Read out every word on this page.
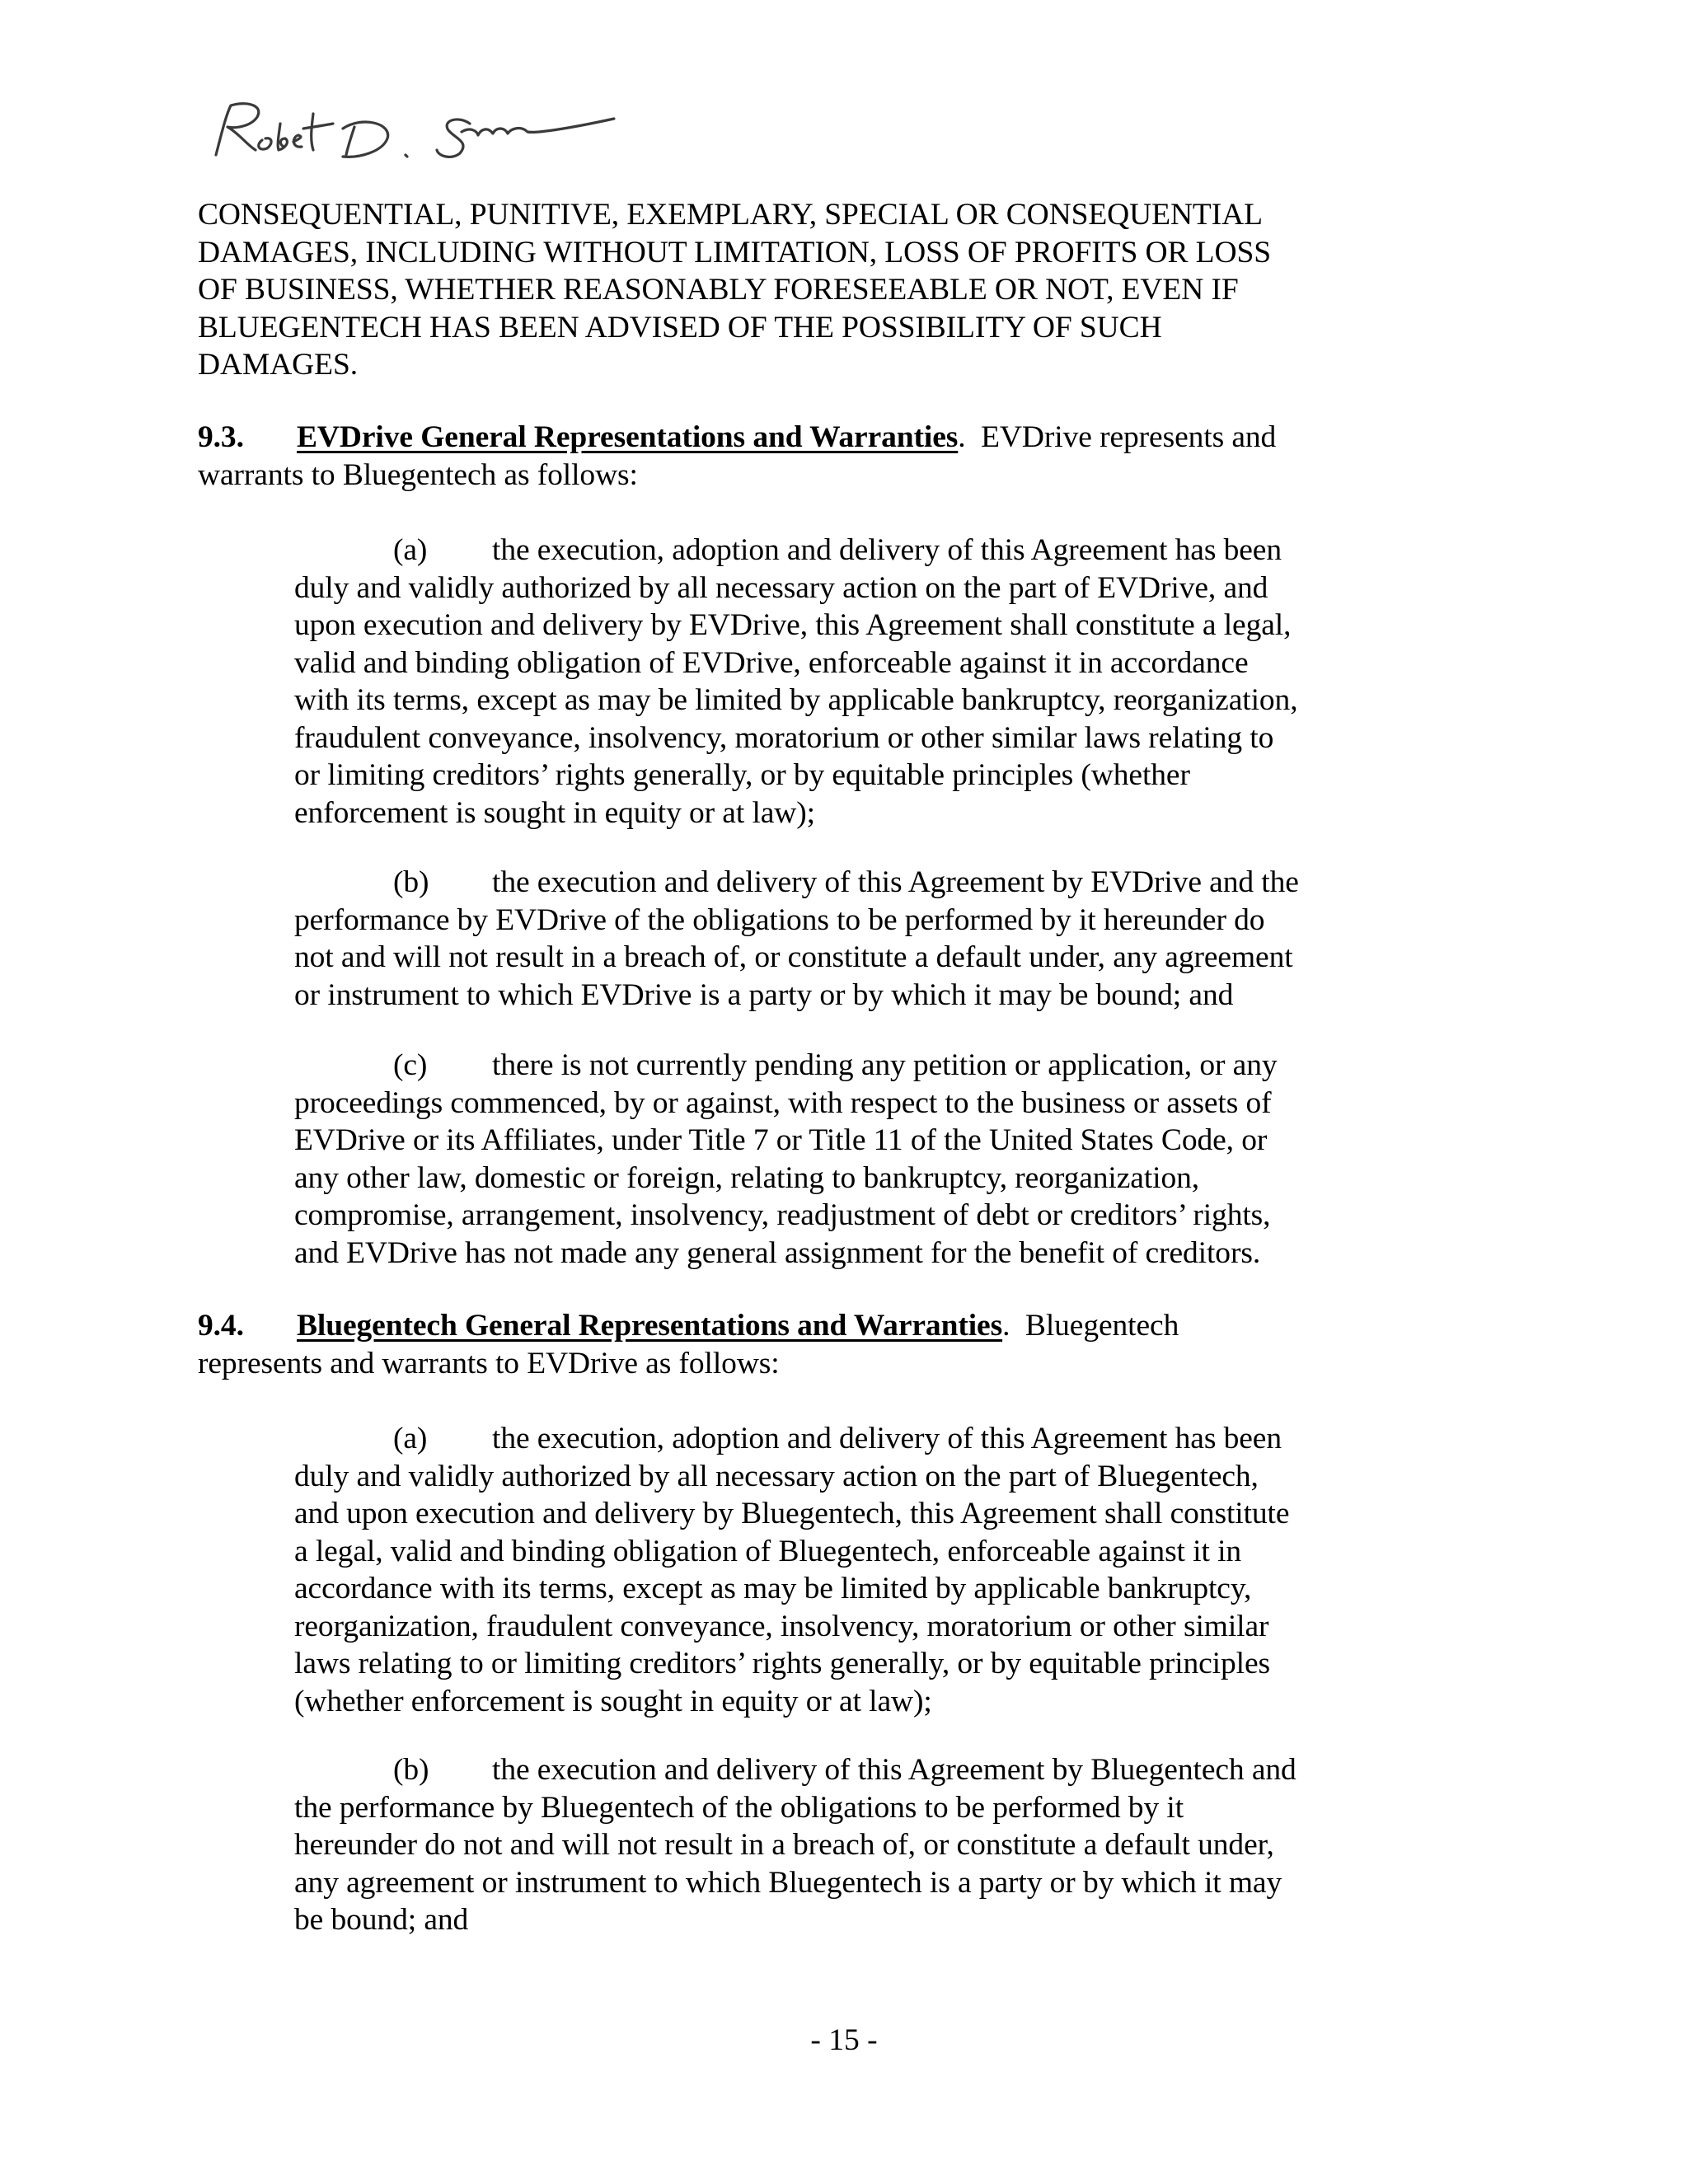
CONSEQUENTIAL, PUNITIVE, EXEMPLARY, SPECIAL OR CONSEQUENTIAL
DAMAGES, INCLUDING WITHOUT LIMITATION, LOSS OF PROFITS OR LOSS
OF BUSINESS, WHETHER REASONABLY FORESEEABLE OR NOT, EVEN IF
BLUEGENTECH HAS BEEN ADVISED OF THE POSSIBILITY OF SUCH
DAMAGES.
9.3. EVDrive General Representations and Warranties.  EVDrive represents and
warrants to Bluegentech as follows:
(a) the execution, adoption and delivery of this Agreement has been
duly and validly authorized by all necessary action on the part of EVDrive, and
upon execution and delivery by EVDrive, this Agreement shall constitute a legal,
valid and binding obligation of EVDrive, enforceable against it in accordance
with its terms, except as may be limited by applicable bankruptcy, reorganization,
fraudulent conveyance, insolvency, moratorium or other similar laws relating to
or limiting creditors’ rights generally, or by equitable principles (whether
enforcement is sought in equity or at law);
(b) the execution and delivery of this Agreement by EVDrive and the
performance by EVDrive of the obligations to be performed by it hereunder do
not and will not result in a breach of, or constitute a default under, any agreement
or instrument to which EVDrive is a party or by which it may be bound; and
(c) there is not currently pending any petition or application, or any
proceedings commenced, by or against, with respect to the business or assets of
EVDrive or its Affiliates, under Title 7 or Title 11 of the United States Code, or
any other law, domestic or foreign, relating to bankruptcy, reorganization,
compromise, arrangement, insolvency, readjustment of debt or creditors’ rights,
and EVDrive has not made any general assignment for the benefit of creditors.
9.4. Bluegentech General Representations and Warranties.  Bluegentech
represents and warrants to EVDrive as follows:
(a) the execution, adoption and delivery of this Agreement has been
duly and validly authorized by all necessary action on the part of Bluegentech,
and upon execution and delivery by Bluegentech, this Agreement shall constitute
a legal, valid and binding obligation of Bluegentech, enforceable against it in
accordance with its terms, except as may be limited by applicable bankruptcy,
reorganization, fraudulent conveyance, insolvency, moratorium or other similar
laws relating to or limiting creditors’ rights generally, or by equitable principles
(whether enforcement is sought in equity or at law);
(b) the execution and delivery of this Agreement by Bluegentech and
the performance by Bluegentech of the obligations to be performed by it
hereunder do not and will not result in a breach of, or constitute a default under,
any agreement or instrument to which Bluegentech is a party or by which it may
be bound; and
- 15 -
